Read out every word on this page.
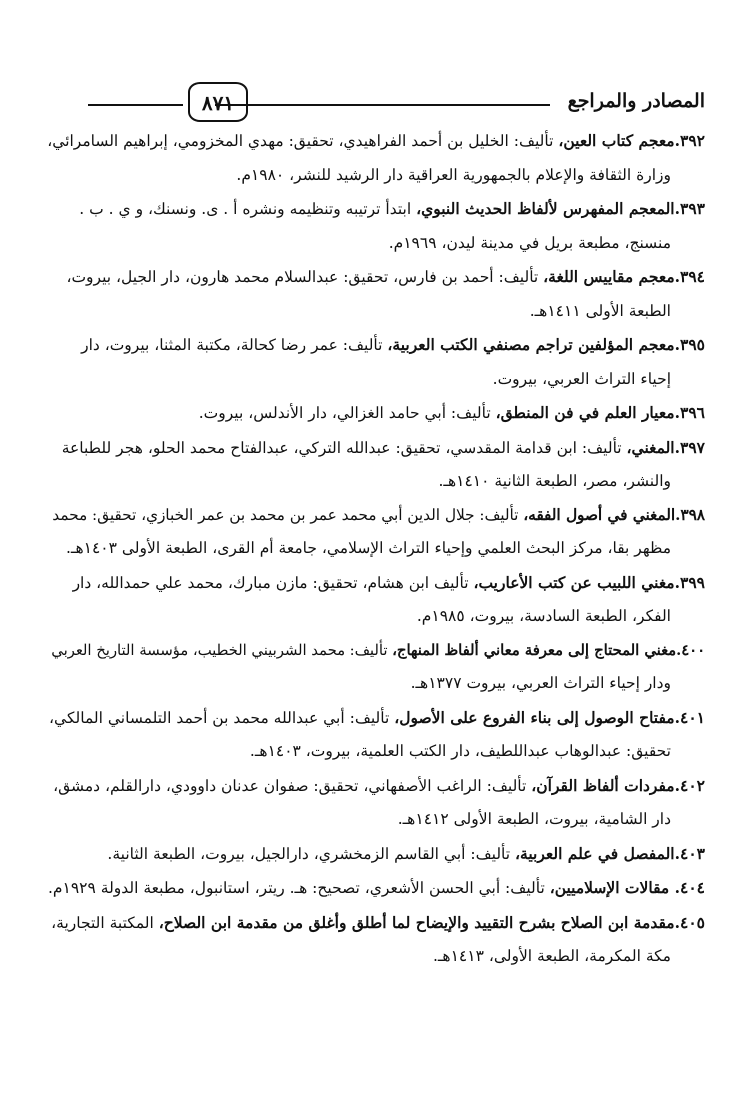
المصادر والمراجع
٨٧١
٣٩٢.معجم كتاب العين، تأليف: الخليل بن أحمد الفراهيدي، تحقيق: مهدي المخزومي، إبراهيم السامرائي،
وزارة الثقافة والإعلام بالجمهورية العراقية دار الرشيد للنشر، ١٩٨٠م.
٣٩٣.المعجم المفهرس لألفاظ الحديث النبوي، ابتدأ ترتيبه وتنظيمه ونشره أ . ى. ونسنك، و ي . ب .
منسنج، مطبعة بريل في مدينة ليدن، ١٩٦٩م.
٣٩٤.معجم مقاييس اللغة، تأليف: أحمد بن فارس، تحقيق: عبدالسلام محمد هارون، دار الجيل، بيروت،
الطبعة الأولى ١٤١١هـ.
٣٩٥.معجم المؤلفين تراجم مصنفي الكتب العربية، تأليف: عمر رضا كحالة، مكتبة المثنا، بيروت، دار
إحياء التراث العربي، بيروت.
٣٩٦.معيار العلم في فن المنطق، تأليف: أبي حامد الغزالي، دار الأندلس، بيروت.
٣٩٧.المغني، تأليف: ابن قدامة المقدسي، تحقيق: عبدالله التركي، عبدالفتاح محمد الحلو، هجر للطباعة
والنشر، مصر، الطبعة الثانية ١٤١٠هـ.
٣٩٨.المغني في أصول الفقه، تأليف: جلال الدين أبي محمد عمر بن محمد بن عمر الخبازي، تحقيق: محمد
مظهر بقا، مركز البحث العلمي وإحياء التراث الإسلامي، جامعة أم القرى، الطبعة الأولى ١٤٠٣هـ.
٣٩٩.مغني اللبيب عن كتب الأعاريب، تأليف ابن هشام، تحقيق: مازن مبارك، محمد علي حمدالله، دار
الفكر، الطبعة السادسة، بيروت، ١٩٨٥م.
٤٠٠.مغني المحتاج إلى معرفة معاني ألفاظ المنهاج، تأليف: محمد الشربيني الخطيب، مؤسسة التاريخ العربي
ودار إحياء التراث العربي، بيروت ١٣٧٧هـ.
٤٠١.مفتاح الوصول إلى بناء الفروع على الأصول، تأليف: أبي عبدالله محمد بن أحمد التلمساني المالكي،
تحقيق: عبدالوهاب عبداللطيف، دار الكتب العلمية، بيروت، ١٤٠٣هـ.
٤٠٢.مفردات ألفاظ القرآن، تأليف: الراغب الأصفهاني، تحقيق: صفوان عدنان داوودي، دارالقلم، دمشق،
دار الشامية، بيروت، الطبعة الأولى ١٤١٢هـ.
٤٠٣.المفصل في علم العربية، تأليف: أبي القاسم الزمخشري، دارالجيل، بيروت، الطبعة الثانية.
٤٠٤. مقالات الإسلاميين، تأليف: أبي الحسن الأشعري، تصحيح: هـ. ريتر، استانبول، مطبعة الدولة ١٩٢٩م.
٤٠٥.مقدمة ابن الصلاح بشرح التقييد والإيضاح لما أطلق وأغلق من مقدمة ابن الصلاح، المكتبة التجارية،
مكة المكرمة، الطبعة الأولى، ١٤١٣هـ.
